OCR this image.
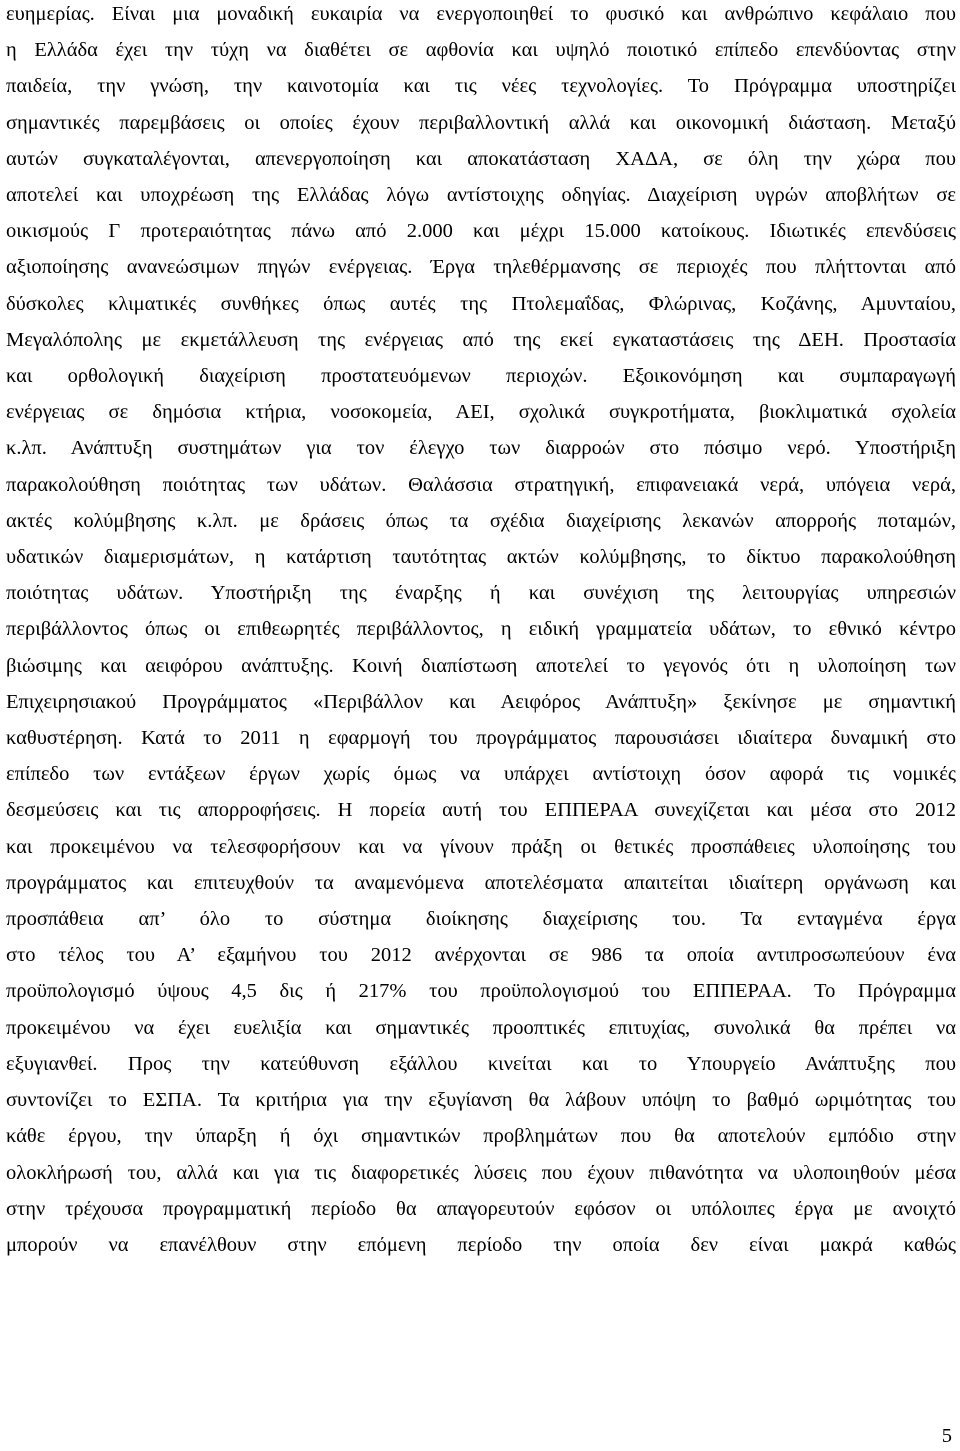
ευημερίας. Είναι μια μοναδική ευκαιρία να ενεργοποιηθεί το φυσικό και ανθρώπινο κεφάλαιο που
η Ελλάδα έχει την τύχη να διαθέτει σε αφθονία και υψηλό ποιοτικό επίπεδο επενδύοντας στην
παιδεία, την γνώση, την καινοτομία και τις νέες τεχνολογίες. Το Πρόγραμμα υποστηρίζει
σημαντικές παρεμβάσεις οι οποίες έχουν περιβαλλοντική αλλά και οικονομική διάσταση. Μεταξύ
αυτών συγκαταλέγονται, απενεργοποίηση και αποκατάσταση ΧΑΔΑ, σε όλη την χώρα που
αποτελεί και υποχρέωση της Ελλάδας λόγω αντίστοιχης οδηγίας. Διαχείριση υγρών αποβλήτων σε
οικισμούς Γ προτεραιότητας πάνω από 2.000 και μέχρι 15.000 κατοίκους. Ιδιωτικές επενδύσεις
αξιοποίησης ανανεώσιμων πηγών ενέργειας. Έργα τηλεθέρμανσης σε περιοχές που πλήττονται από
δύσκολες κλιματικές συνθήκες όπως αυτές της Πτολεμαΐδας, Φλώρινας, Κοζάνης, Αμυνταίου,
Μεγαλόπολης με εκμετάλλευση της ενέργειας από της εκεί εγκαταστάσεις της ΔΕΗ. Προστασία
και ορθολογική διαχείριση προστατευόμενων περιοχών. Εξοικονόμηση και συμπαραγωγή
ενέργειας σε δημόσια κτήρια, νοσοκομεία, ΑΕΙ, σχολικά συγκροτήματα, βιοκλιματικά σχολεία
κ.λπ. Ανάπτυξη συστημάτων για τον έλεγχο των διαρροών στο πόσιμο νερό. Υποστήριξη
παρακολούθηση ποιότητας των υδάτων. Θαλάσσια στρατηγική, επιφανειακά νερά, υπόγεια νερά,
ακτές κολύμβησης κ.λπ. με δράσεις όπως τα σχέδια διαχείρισης λεκανών απορροής ποταμών,
υδατικών διαμερισμάτων, η κατάρτιση ταυτότητας ακτών κολύμβησης, το δίκτυο παρακολούθηση
ποιότητας υδάτων. Υποστήριξη της έναρξης ή και συνέχιση της λειτουργίας υπηρεσιών
περιβάλλοντος όπως οι επιθεωρητές περιβάλλοντος, η ειδική γραμματεία υδάτων, το εθνικό κέντρο
βιώσιμης και αειφόρου ανάπτυξης. Κοινή διαπίστωση αποτελεί το γεγονός ότι η υλοποίηση των
Επιχειρησιακού Προγράμματος «Περιβάλλον και Αειφόρος Ανάπτυξη» ξεκίνησε με σημαντική
καθυστέρηση. Κατά το 2011 η εφαρμογή του προγράμματος παρουσιάσει ιδιαίτερα δυναμική στο
επίπεδο των εντάξεων έργων χωρίς όμως να υπάρχει αντίστοιχη όσον αφορά τις νομικές
δεσμεύσεις και τις απορροφήσεις. Η πορεία αυτή του ΕΠΠΕΡΑΑ συνεχίζεται και μέσα στο 2012
και προκειμένου να τελεσφορήσουν και να γίνουν πράξη οι θετικές προσπάθειες υλοποίησης του
προγράμματος και επιτευχθούν τα αναμενόμενα αποτελέσματα απαιτείται ιδιαίτερη οργάνωση και
προσπάθεια απ’ όλο το σύστημα διοίκησης διαχείρισης του. Τα ενταγμένα έργα
στο τέλος του Α’ εξαμήνου του 2012 ανέρχονται σε 986 τα οποία αντιπροσωπεύουν ένα
προϋπολογισμό ύψους 4,5 δις ή 217% του προϋπολογισμού του ΕΠΠΕΡΑΑ. Το Πρόγραμμα
προκειμένου να έχει ευελιξία και σημαντικές προοπτικές επιτυχίας, συνολικά θα πρέπει να
εξυγιανθεί. Προς την κατεύθυνση εξάλλου κινείται και το Υπουργείο Ανάπτυξης που
συντονίζει το ΕΣΠΑ. Τα κριτήρια για την εξυγίανση θα λάβουν υπόψη το βαθμό ωριμότητας του
κάθε έργου, την ύπαρξη ή όχι σημαντικών προβλημάτων που θα αποτελούν εμπόδιο στην
ολοκλήρωσή του, αλλά και για τις διαφορετικές λύσεις που έχουν πιθανότητα να υλοποιηθούν μέσα
στην τρέχουσα προγραμματική περίοδο θα απαγορευτούν εφόσον οι υπόλοιπες έργα με ανοιχτό
μπορούν να επανέλθουν στην επόμενη περίοδο την οποία δεν είναι μακρά καθώς
5
